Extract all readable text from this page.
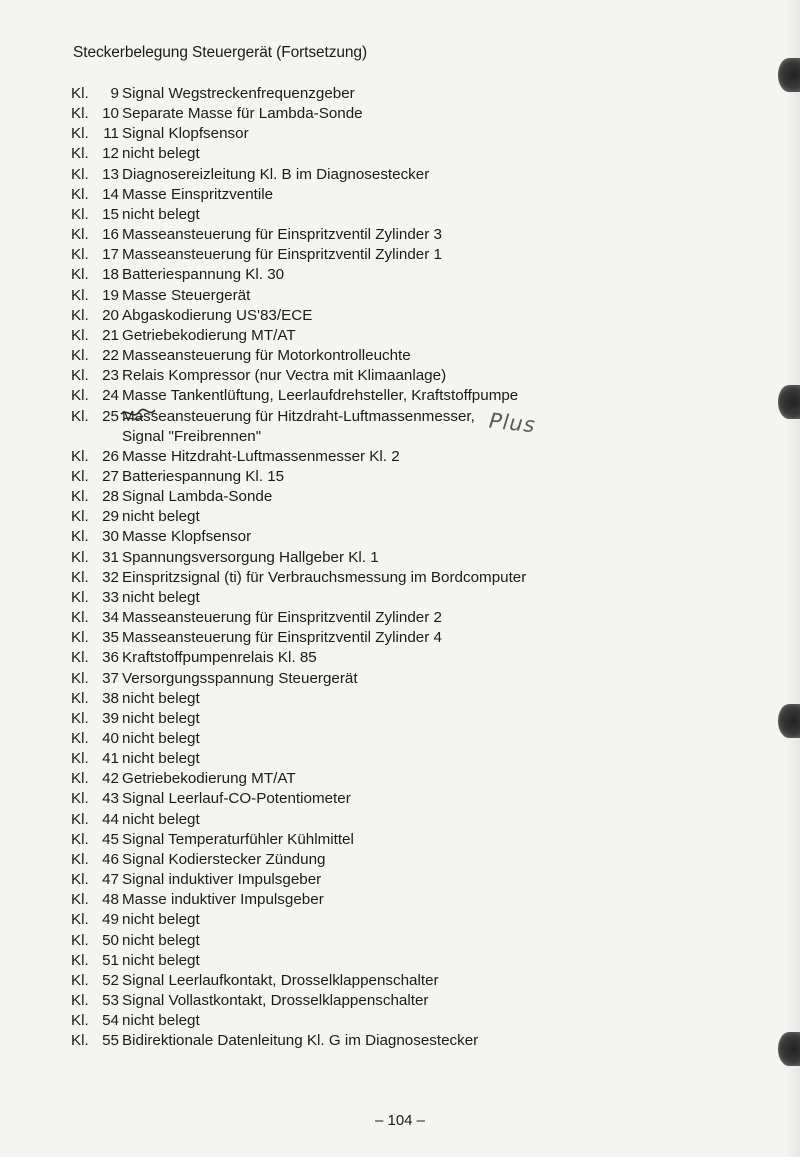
Steckerbelegung Steuergerät (Fortsetzung)
Kl.	9 Signal Wegstreckenfrequenzgeber
Kl. 10 Separate Masse für Lambda-Sonde
Kl. 11 Signal Klopfsensor
Kl. 12 nicht belegt
Kl. 13 Diagnosereizleitung Kl. B im Diagnosestecker
Kl. 14 Masse Einspritzventile
Kl. 15 nicht belegt
Kl. 16 Masseansteuerung für Einspritzventil Zylinder 3
Kl. 17 Masseansteuerung für Einspritzventil Zylinder 1
Kl. 18 Batteriespannung Kl. 30
Kl. 19 Masse Steuergerät
Kl. 20 Abgaskodierung US'83/ECE
Kl. 21 Getriebekodierung MT/AT
Kl. 22 Masseansteuerung für Motorkontrolleuchte
Kl. 23 Relais Kompressor (nur Vectra mit Klimaanlage)
Kl. 24 Masse Tankentlüftung, Leerlaufdrehsteller, Kraftstoffpumpe
Kl. 25 Masseansteuerung für Hitzdraht-Luftmassenmesser,
Signal "Freibrennen"
Kl. 26 Masse Hitzdraht-Luftmassenmesser Kl. 2
Kl. 27 Batteriespannung Kl. 15
Kl. 28 Signal Lambda-Sonde
Kl. 29 nicht belegt
Kl. 30 Masse Klopfsensor
Kl. 31 Spannungsversorgung Hallgeber Kl. 1
Kl. 32 Einspritzsignal (ti) für Verbrauchsmessung im Bordcomputer
Kl. 33 nicht belegt
Kl. 34 Masseansteuerung für Einspritzventil Zylinder 2
Kl. 35 Masseansteuerung für Einspritzventil Zylinder 4
Kl. 36 Kraftstoffpumpenrelais Kl. 85
Kl. 37 Versorgungsspannung Steuergerät
Kl. 38 nicht belegt
Kl. 39 nicht belegt
Kl. 40 nicht belegt
Kl. 41 nicht belegt
Kl. 42 Getriebekodierung MT/AT
Kl. 43 Signal Leerlauf-CO-Potentiometer
Kl. 44 nicht belegt
Kl. 45 Signal Temperaturfühler Kühlmittel
Kl. 46 Signal Kodierstecker Zündung
Kl. 47 Signal induktiver Impulsgeber
Kl. 48 Masse induktiver Impulsgeber
Kl. 49 nicht belegt
Kl. 50 nicht belegt
Kl. 51 nicht belegt
Kl. 52 Signal Leerlaufkontakt, Drosselklappenschalter
Kl. 53 Signal Vollastkontakt, Drosselklappenschalter
Kl. 54 nicht belegt
Kl. 55 Bidirektionale Datenleitung Kl. G im Diagnosestecker
Plus
– 104 –
